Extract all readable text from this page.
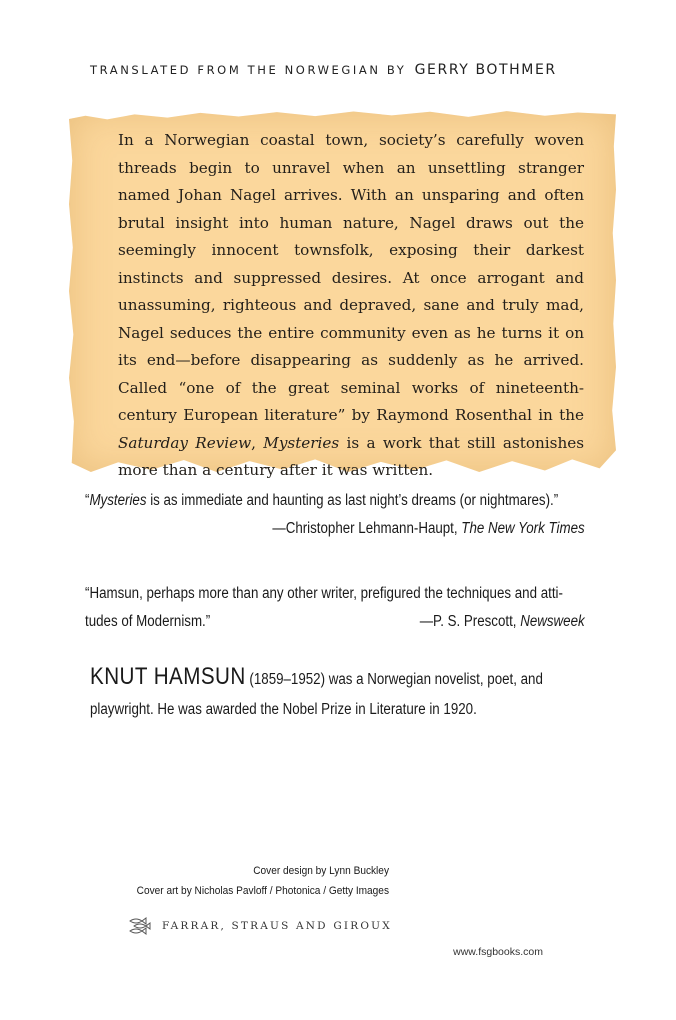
TRANSLATED FROM THE NORWEGIAN BY GERRY BOTHMER
In a Norwegian coastal town, society’s carefully woven threads begin to unravel when an unsettling stranger named Johan Nagel arrives. With an unsparing and often brutal insight into human nature, Nagel draws out the seemingly innocent townsfolk, exposing their darkest instincts and suppressed desires. At once arrogant and unassuming, righteous and depraved, sane and truly mad, Nagel seduces the entire community even as he turns it on its end—before disappearing as suddenly as he arrived. Called “one of the great seminal works of nineteenth-century European literature” by Raymond Rosenthal in the Saturday Review, Mysteries is a work that still astonishes more than a century after it was written.
“Mysteries is as immediate and haunting as last night’s dreams (or nightmares).”
—Christopher Lehmann-Haupt, The New York Times
“Hamsun, perhaps more than any other writer, prefigured the techniques and atti-
tudes of Modernism.”	—P. S. Prescott, Newsweek
KNUT HAMSUN (1859–1952) was a Norwegian novelist, poet, and playwright. He was awarded the Nobel Prize in Literature in 1920.
Cover design by Lynn Buckley
Cover art by Nicholas Pavloff / Photonica / Getty Images
FARRAR, STRAUS AND GIROUX
www.fsgbooks.com
